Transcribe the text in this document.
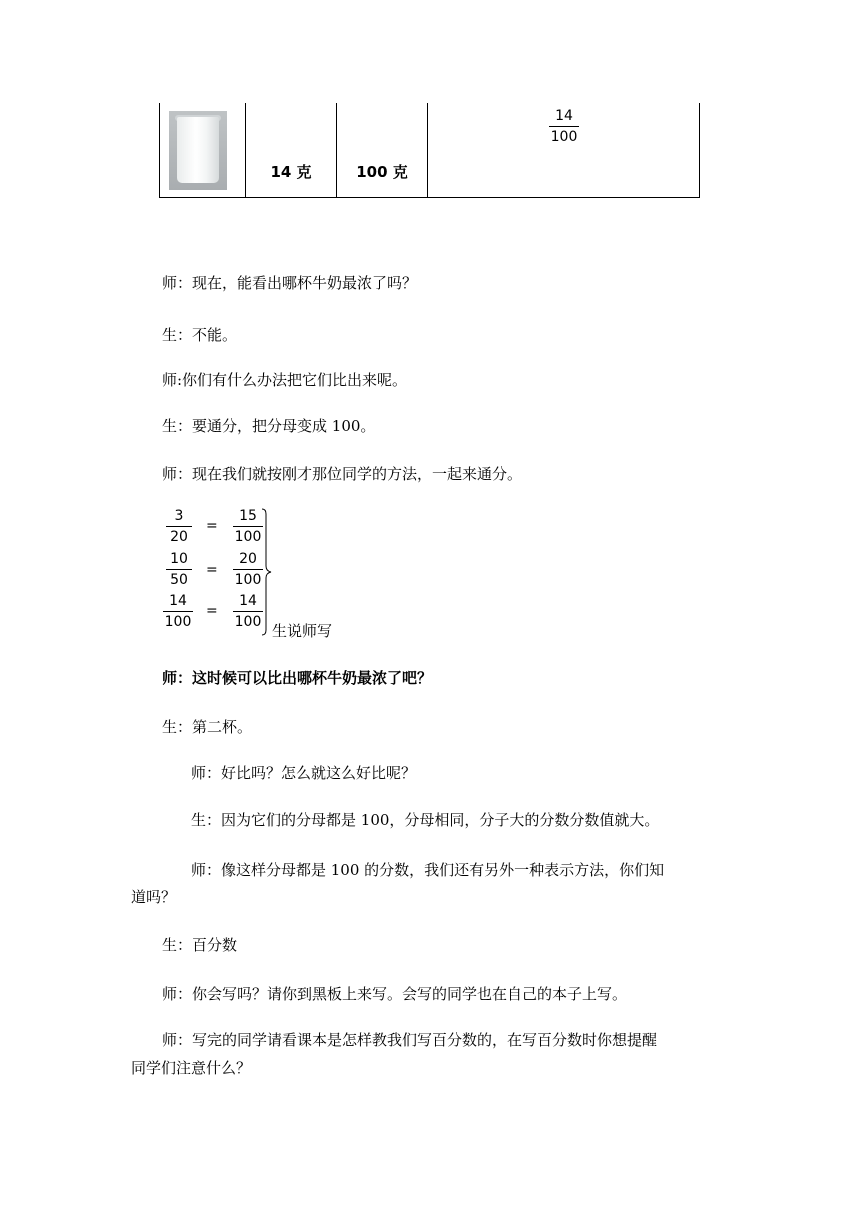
14 克	100 克
14
100
师：现在，能看出哪杯牛奶最浓了吗？
生：不能。
师:你们有什么办法把它们比出来呢。
生：要通分，把分母变成 100。
师：现在我们就按刚才那位同学的方法，一起来通分。
3
20
=
15
100
10
50
=
20
100
14
100
=
14
100 生说师写
师：这时候可以比出哪杯牛奶最浓了吧？
生：第二杯。
师：好比吗？怎么就这么好比呢？
生：因为它们的分母都是 100，分母相同，分子大的分数分数值就大。
师：像这样分母都是 100 的分数，我们还有另外一种表示方法，你们知
道吗？
生：百分数
师：你会写吗？请你到黑板上来写。会写的同学也在自己的本子上写。
师：写完的同学请看课本是怎样教我们写百分数的，在写百分数时你想提醒
同学们注意什么？
